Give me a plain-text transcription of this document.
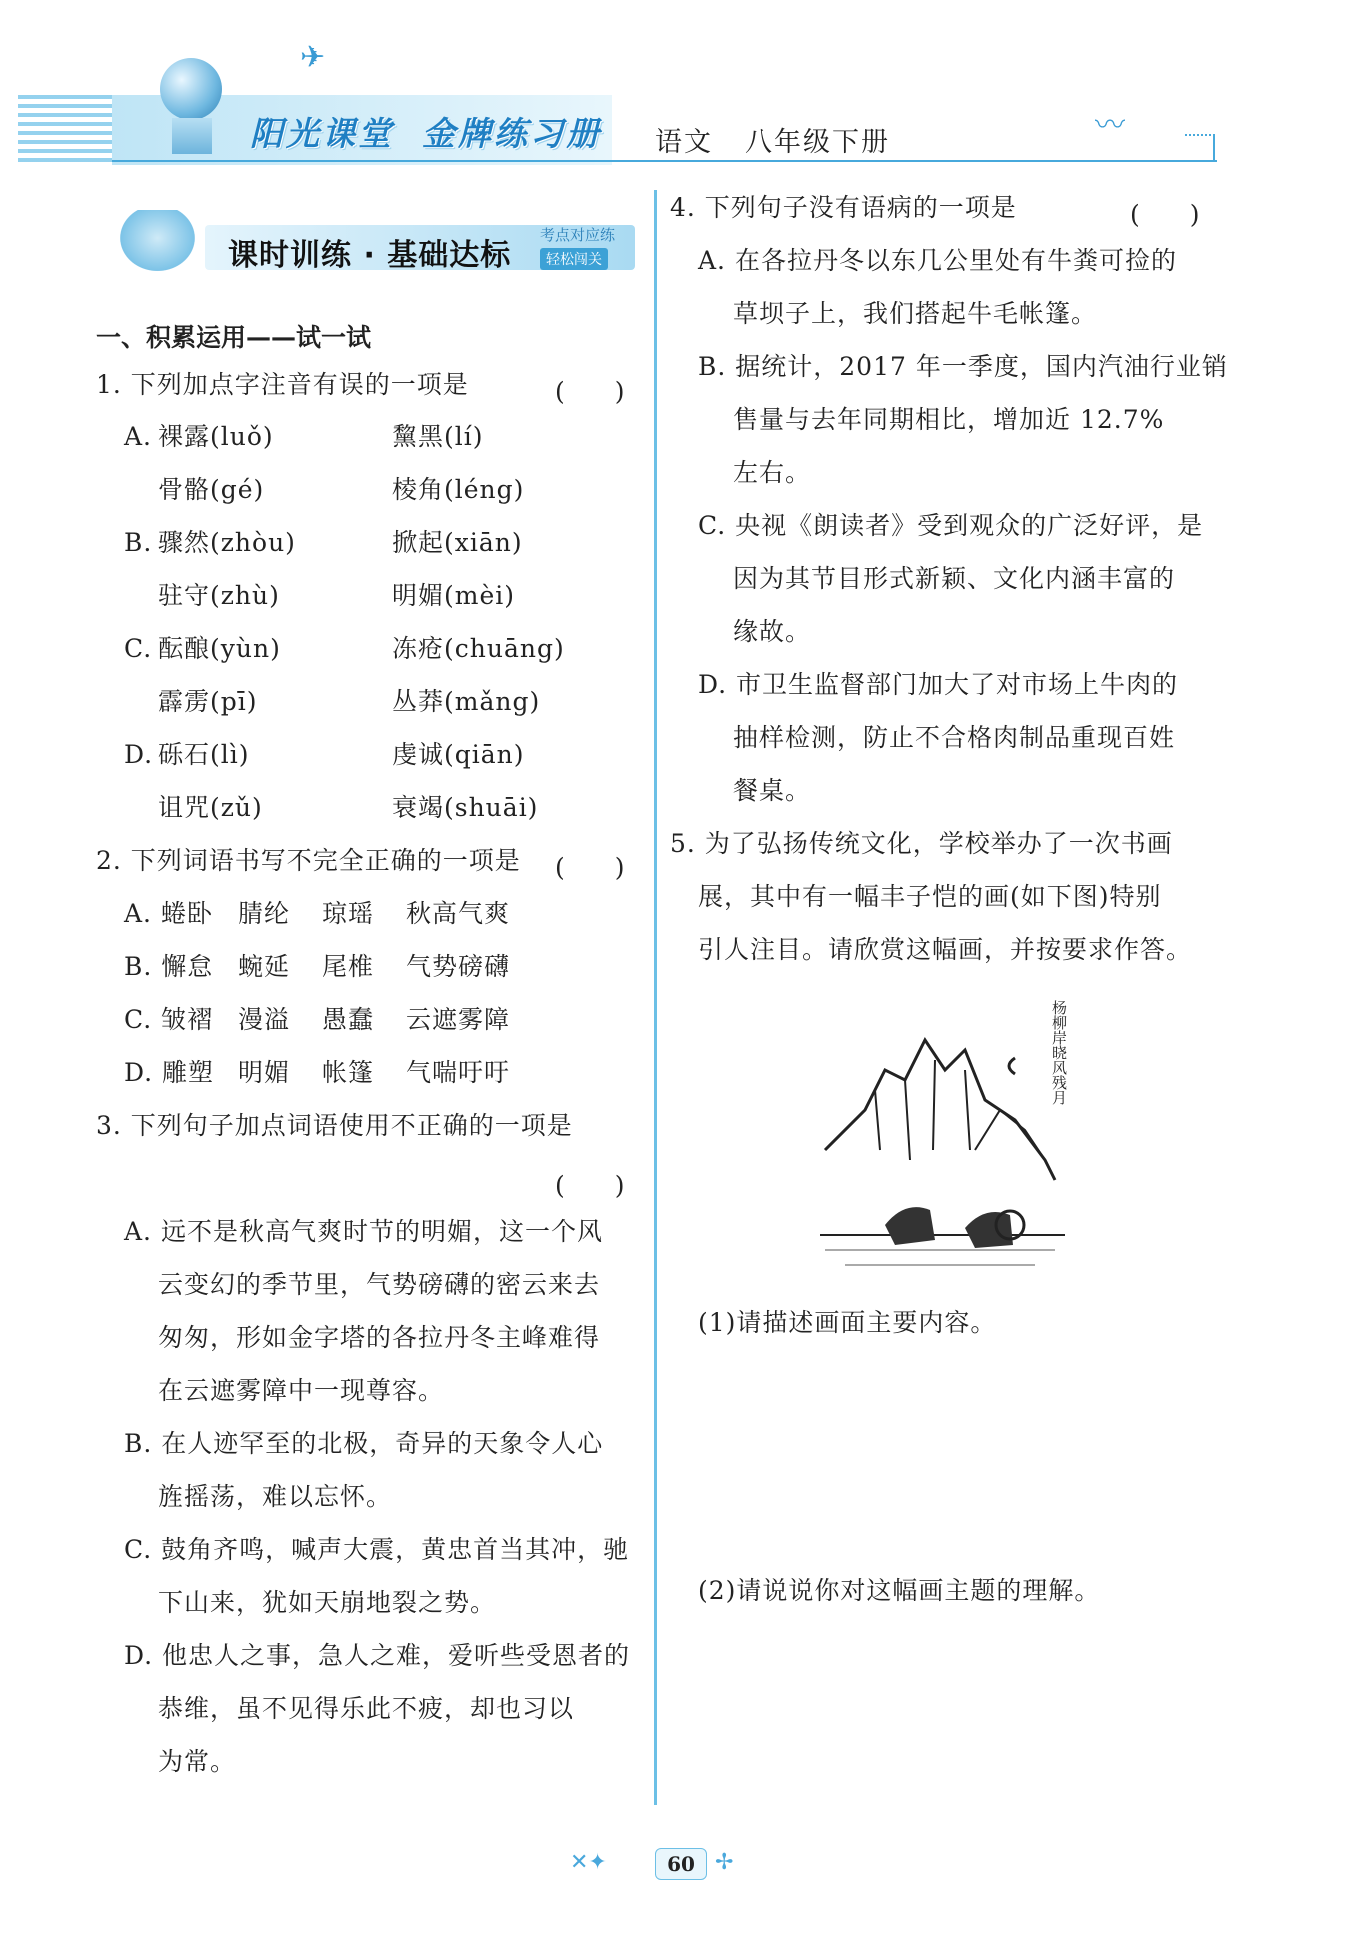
✈
阳光课堂 金牌练习册 语文 八年级下册	〰
课时训练 · 基础达标
考点对应练
轻松闯关
一、积累运用——试一试
1. 下列加点字注音有误的一项是	(　　)
A. 裸露(luǒ)	黧黑(lí)
骨骼(gé)	棱角(léng)
B. 骤然(zhòu)	掀起(xiān)
驻守(zhù)	明媚(mèi)
C. 酝酿(yùn)	冻疮(chuāng)
霹雳(pī)	丛莽(mǎng)
D. 砾石(lì)	虔诚(qiān)
诅咒(zǔ)	衰竭(shuāi)
2. 下列词语书写不完全正确的一项是 (　　)
A. 蜷卧 腈纶 琼瑶 秋高气爽
B. 懈怠 蜿延 尾椎 气势磅礴
C. 皱褶 漫溢 愚蠢 云遮雾障
D. 雕塑 明媚 帐篷 气喘吁吁
3. 下列句子加点词语使用不正确的一项是
(　　)
A. 远不是秋高气爽时节的明媚，这一个风
云变幻的季节里，气势磅礴的密云来去
匆匆，形如金字塔的各拉丹冬主峰难得
在云遮雾障中一现尊容。
B. 在人迹罕至的北极，奇异的天象令人心
旌摇荡，难以忘怀。
C. 鼓角齐鸣，喊声大震，黄忠首当其冲，驰
下山来，犹如天崩地裂之势。
D. 他忠人之事，急人之难，爱听些受恩者的
恭维，虽不见得乐此不疲，却也习以
为常。
4. 下列句子没有语病的一项是	(　　)
A. 在各拉丹冬以东几公里处有牛粪可捡的
草坝子上，我们搭起牛毛帐篷。
B. 据统计，2017 年一季度，国内汽油行业销
售量与去年同期相比，增加近 12.7%
左右。
C. 央视《朗读者》受到观众的广泛好评，是
因为其节目形式新颖、文化内涵丰富的
缘故。
D. 市卫生监督部门加大了对市场上牛肉的
抽样检测，防止不合格肉制品重现百姓
餐桌。
5. 为了弘扬传统文化，学校举办了一次书画
展，其中有一幅丰子恺的画(如下图)特别
引人注目。请欣赏这幅画，并按要求作答。
杨柳岸晓风残月
(1)请描述画面主要内容。
(2)请说说你对这幅画主题的理解。
✕✦	60 ✢
